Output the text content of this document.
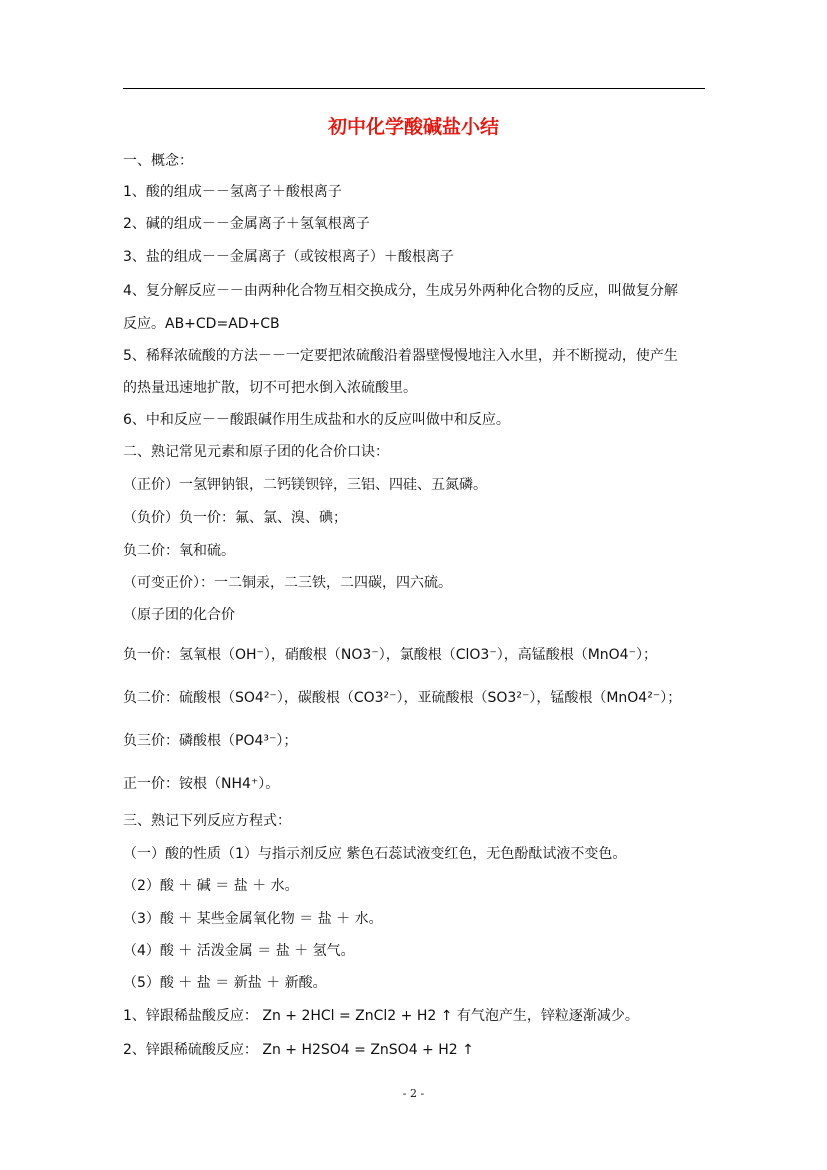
初中化学酸碱盐小结
一、概念：
1、酸的组成－－氢离子＋酸根离子
2、碱的组成－－金属离子＋氢氧根离子
3、盐的组成－－金属离子（或铵根离子）＋酸根离子
4、复分解反应－－由两种化合物互相交换成分，生成另外两种化合物的反应，叫做复分解
反应。AB+CD=AD+CB
5、稀释浓硫酸的方法－－一定要把浓硫酸沿着器壁慢慢地注入水里，并不断搅动，使产生
的热量迅速地扩散，切不可把水倒入浓硫酸里。
6、中和反应－－酸跟碱作用生成盐和水的反应叫做中和反应。
二、熟记常见元素和原子团的化合价口诀：
（正价）一氢钾钠银，二钙镁钡锌，三铝、四硅、五氮磷。
（负价）负一价：氟、氯、溴、碘；
负二价：氧和硫。
（可变正价）：一二铜汞，二三铁，二四碳，四六硫。
（原子团的化合价
负一价：氢氧根（OH⁻），硝酸根（NO3⁻），氯酸根（ClO3⁻），高锰酸根（MnO4⁻）；
负二价：硫酸根（SO4²⁻），碳酸根（CO3²⁻），亚硫酸根（SO3²⁻），锰酸根（MnO4²⁻）；
负三价：磷酸根（PO4³⁻）；
正一价：铵根（NH4⁺）。
三、熟记下列反应方程式：
（一）酸的性质（1）与指示剂反应 紫色石蕊试液变红色，无色酚酞试液不变色。
（2）酸 ＋ 碱 ＝ 盐 ＋ 水。
（3）酸 ＋ 某些金属氧化物 ＝ 盐 ＋ 水。
（4）酸 ＋ 活泼金属 ＝ 盐 ＋ 氢气。
（5）酸 ＋ 盐 ＝ 新盐 ＋ 新酸。
1、锌跟稀盐酸反应： Zn + 2HCl = ZnCl2 + H2 ↑ 有气泡产生，锌粒逐渐减少。
2、锌跟稀硫酸反应： Zn + H2SO4 = ZnSO4 + H2 ↑
- 2 -
